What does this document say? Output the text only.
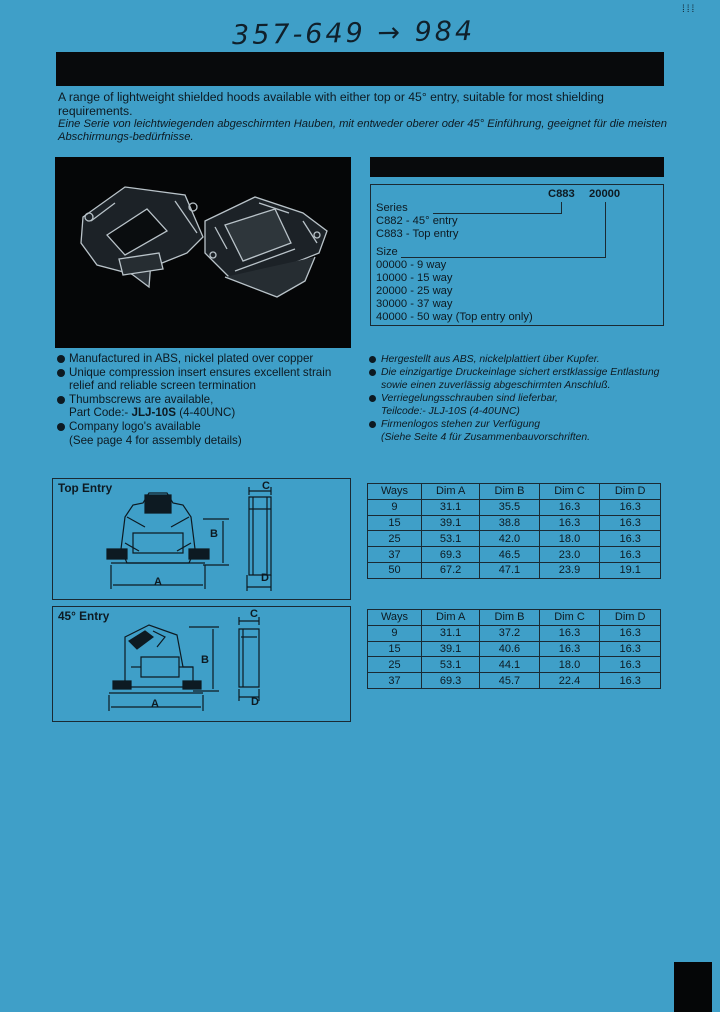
357-649 → 984
⁞⁞⁞

A range of lightweight shielded hoods available with either top or 45° entry, suitable for most shielding requirements.

Eine Serie von leichtwiegenden abgeschirmten Hauben, mit entweder oberer oder 45° Einführung, geeignet für die meisten Abschirmungs-bedürfnisse.

C883 20000
Series
C882 - 45° entry
C883 - Top entry
Size
00000 - 9 way
10000 - 15 way
20000 - 25 way
30000 - 37 way
40000 - 50 way (Top entry only)
Manufactured in ABS, nickel plated over copper
Unique compression insert ensures excellent strain relief and reliable screen termination
Thumbscrews are available,
Part Code:- JLJ-10S (4-40UNC)
Company logo's available
(See page 4 for assembly details)
Hergestellt aus ABS, nickelplattiert über Kupfer.
Die einzigartige Druckeinlage sichert erstklassige Entlastung sowie einen zuverlässig abgeschirmten Anschluß.
Verriegelungsschrauben sind lieferbar,
Teilcode:- JLJ-10S (4-40UNC)
Firmenlogos stehen zur Verfügung
(Siehe Seite 4 für Zusammenbauvorschriften.
Top Entry
A
B
C
D
45° Entry
A
B
C
D
Ways	Dim A	Dim B	Dim C	Dim D
9	31.1	35.5	16.3	16.3
15	39.1	38.8	16.3	16.3
25	53.1	42.0	18.0	16.3
37	69.3	46.5	23.0	16.3
50	67.2	47.1	23.9	19.1
Ways	Dim A	Dim B	Dim C	Dim D
9	31.1	37.2	16.3	16.3
15	39.1	40.6	16.3	16.3
25	53.1	44.1	18.0	16.3
37	69.3	45.7	22.4	16.3
